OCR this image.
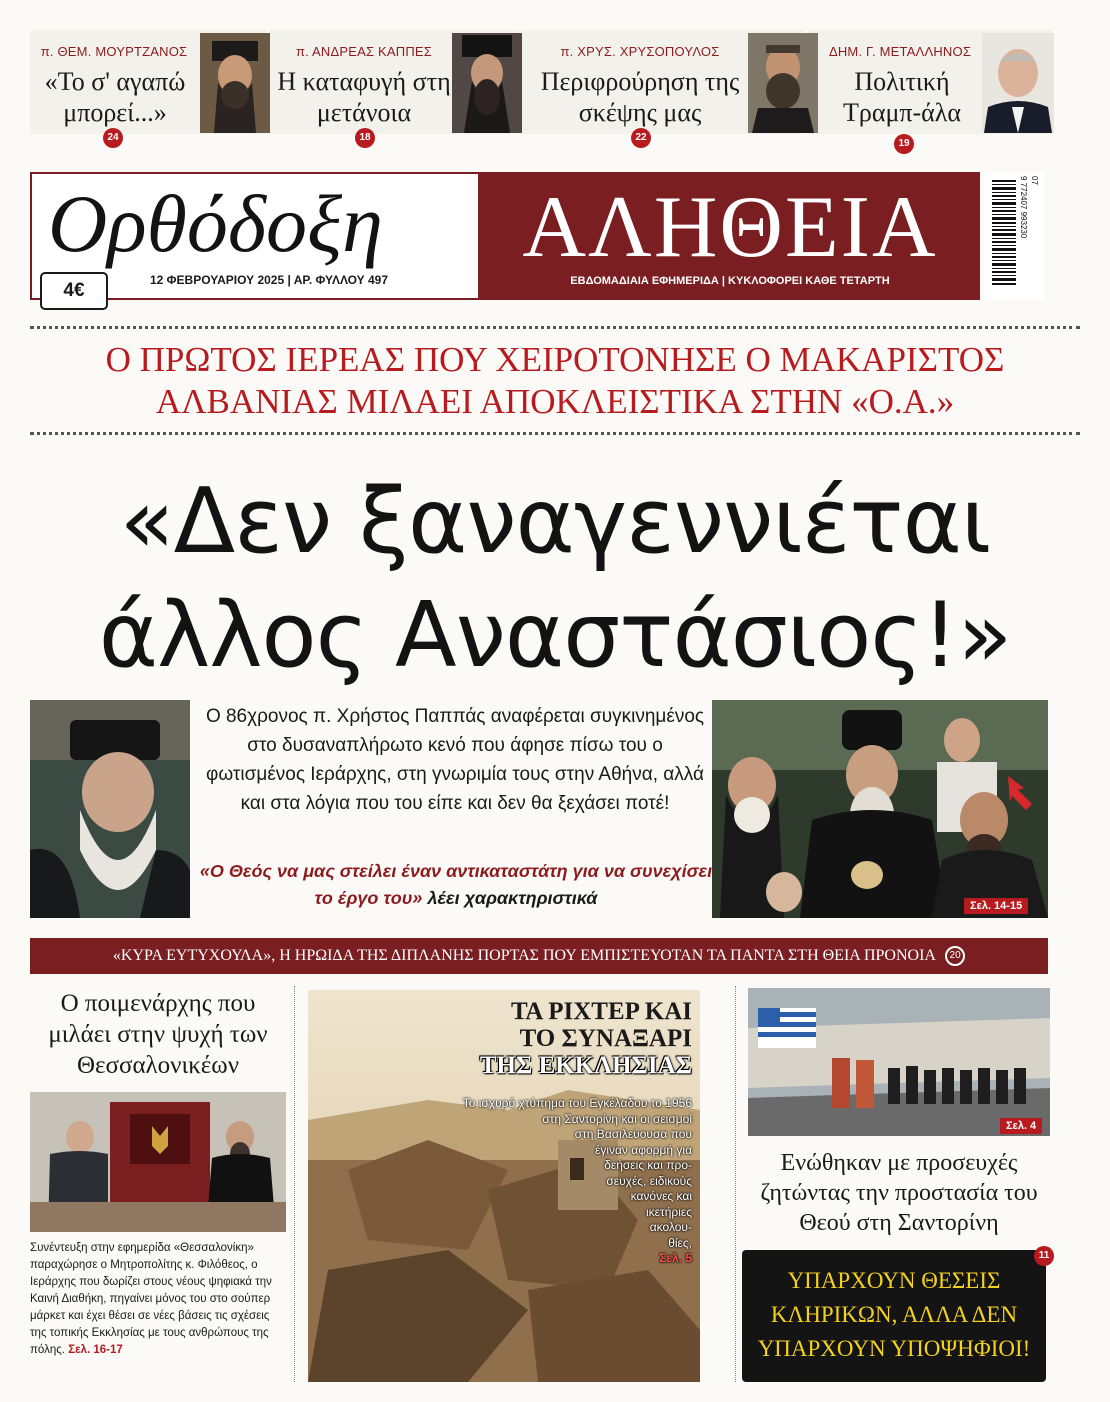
π. ΘΕΜ. ΜΟΥΡΤΖΑΝΟΣ
«Το σ' αγαπώ μπορεί...»
24
π. ΑΝΔΡΕΑΣ ΚΑΠΠΕΣ
Η καταφυγή στη μετάνοια
18
π. ΧΡΥΣ. ΧΡΥΣΟΠΟΥΛΟΣ
Περιφρούρηση της σκέψης μας
22
ΔΗΜ. Γ. ΜΕΤΑΛΛΗΝΟΣ
Πολιτική Τραμπ-άλα
19
Ορθόδοξη
12 ΦΕΒΡΟΥΑΡΙΟΥ 2025 | ΑΡ. ΦΥΛΛΟΥ 497
4€
ΑΛΗΘΕΙΑ
ΕΒΔΟΜΑΔΙΑΙΑ ΕΦΗΜΕΡΙΔΑ | ΚΥΚΛΟΦΟΡΕΙ ΚΑΘΕ ΤΕΤΑΡΤΗ
9 772407 993230 07
Ο ΠΡΩΤΟΣ ΙΕΡΕΑΣ ΠΟΥ ΧΕΙΡΟΤΟΝΗΣΕ Ο ΜΑΚΑΡΙΣΤΟΣ
ΑΛΒΑΝΙΑΣ ΜΙΛΑΕΙ ΑΠΟΚΛΕΙΣΤΙΚΑ ΣΤΗΝ «Ο.Α.»
«Δεν ξαναγεννιέται
άλλος Αναστάσιος!»
Ο 86χρονος π. Χρήστος Παππάς αναφέρεται συγκινημένος στο δυσαναπλήρωτο κενό που άφησε πίσω του ο φωτισμένος Ιεράρχης, στη γνωριμία τους στην Αθήνα, αλλά και στα λόγια που του είπε και δεν θα ξεχάσει ποτέ!
«Ο Θεός να μας στείλει έναν αντικαταστάτη για να συνεχίσει το έργο του» λέει χαρακτηριστικά	Σελ. 14-15
«ΚΥΡΑ ΕΥΤΥΧΟΥΛΑ», Η ΗΡΩΙΔΑ ΤΗΣ ΔΙΠΛΑΝΗΣ ΠΟΡΤΑΣ ΠΟΥ ΕΜΠΙΣΤΕΥΟΤΑΝ ΤΑ ΠΑΝΤΑ ΣΤΗ ΘΕΙΑ ΠΡΟΝΟΙΑ 20
Ο ποιμενάρχης που μιλάει στην ψυχή των Θεσσαλονικέων
Συνέντευξη στην εφημερίδα «Θεσσαλονίκη» παραχώρησε ο Μητροπολίτης κ. Φιλόθεος, ο Ιεράρχης που δωρίζει στους νέους ψηφιακά την Καινή Διαθήκη, πηγαίνει μόνος του στο σούπερ μάρκετ και έχει θέσει σε νέες βάσεις τις σχέσεις της τοπικής Εκκλησίας με τους ανθρώπους της πόλης. Σελ. 16-17
ΤΑ ΡΙΧΤΕΡ ΚΑΙ
ΤΟ ΣΥΝΑΞΑΡΙ
ΤΗΣ ΕΚΚΛΗΣΙΑΣ
Το ισχυρό χτύπημα του Εγκέλαδου το 1956
στη Σαντορίνη και οι σεισμοί
στη Βασιλεύουσα που
έγιναν αφορμή για
δεήσεις και προ-
σευχές, ειδικούς
κανόνες και
ικετήριες
ακολου-
θίες,
Σελ. 5
Σελ. 4
Ενώθηκαν με προσευχές ζητώντας την προστασία του Θεού στη Σαντορίνη
ΥΠΑΡΧΟΥΝ ΘΕΣΕΙΣ ΚΛΗΡΙΚΩΝ, ΑΛΛΑ ΔΕΝ ΥΠΑΡΧΟΥΝ ΥΠΟΨΗΦΙΟΙ!
11
